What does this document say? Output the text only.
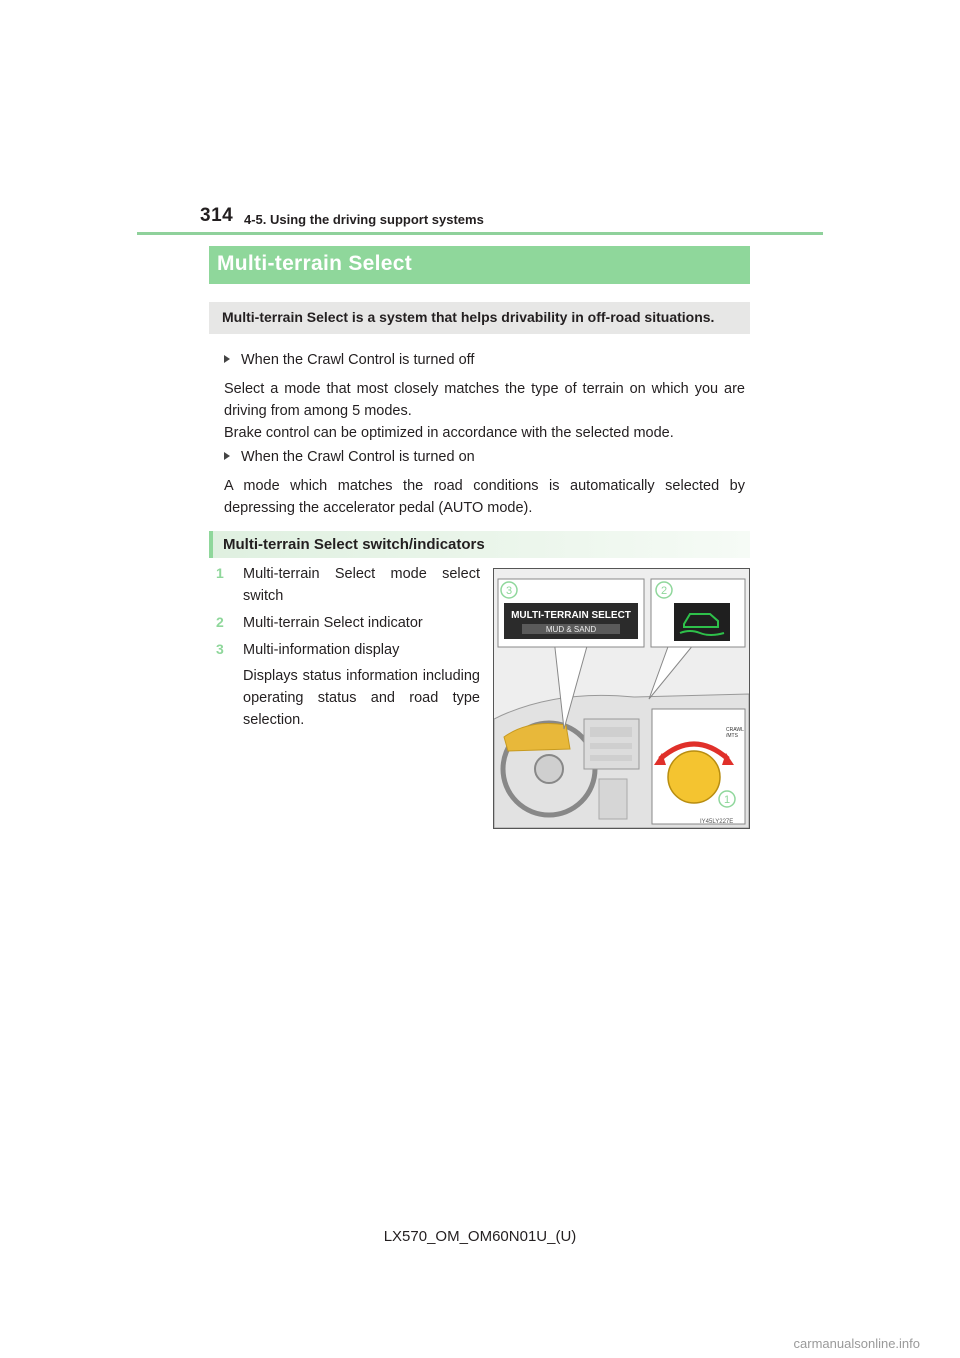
314 4-5. Using the driving support systems
Multi-terrain Select
Multi-terrain Select is a system that helps drivability in off-road situations.
When the Crawl Control is turned off
Select a mode that most closely matches the type of terrain on which you are driving from among 5 modes.
Brake control can be optimized in accordance with the selected mode.
When the Crawl Control is turned on
A mode which matches the road conditions is automatically selected by depressing the accelerator pedal (AUTO mode).
Multi-terrain Select switch/indicators
1 Multi-terrain Select mode select switch
2 Multi-terrain Select indicator
3 Multi-information display
Displays status information including operating status and road type selection.
3
MULTI-TERRAIN SELECT
MUD & SAND
2
CRAWL
/MTS
1
IY45LY227E
LX570_OM_OM60N01U_(U)
carmanualsonline.info
